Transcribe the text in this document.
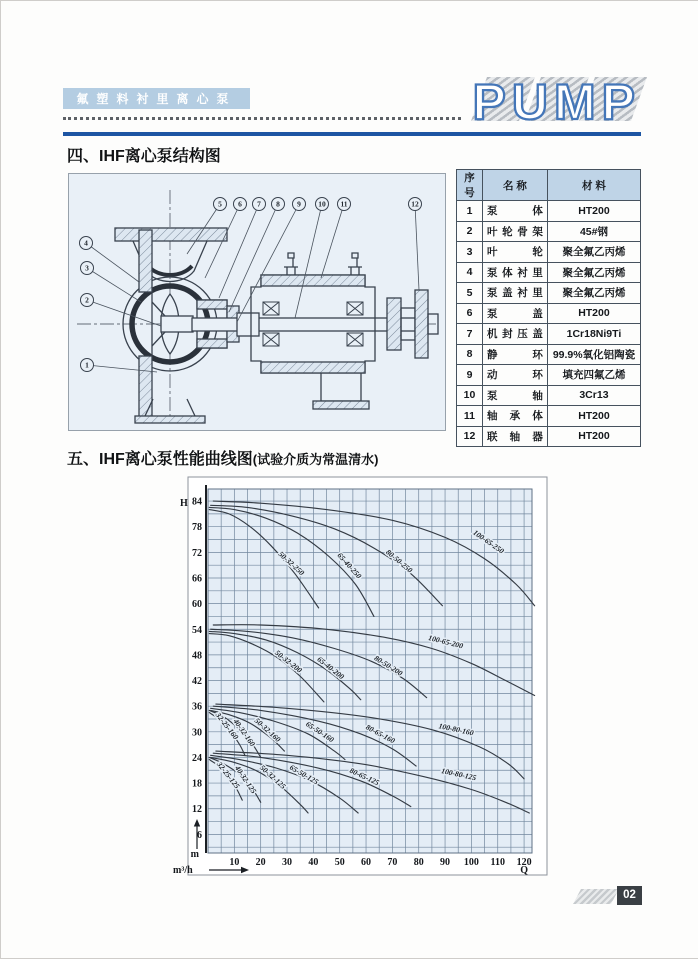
氟塑料衬里离心泵	PUMP
四、IHF离心泵结构图
1
2
3
4
5 6 7 8 9 10 11	12
序号	名 称	材 料
1	泵 体	HT200
2	叶轮骨架	45#钢
3	叶 轮	聚全氟乙丙烯
4	泵体衬里	聚全氟乙丙烯
5	泵盖衬里	聚全氟乙丙烯
6	泵 盖	HT200
7	机封压盖	1Cr18Ni9Ti
8	静 环	99.9%氧化铝陶瓷
9	动 环	填充四氟乙烯
10	泵 轴	3Cr13
11	轴 承 体	HT200
12	联 轴 器	HT200
五、IHF离心泵性能曲线图(试验介质为常温清水)
50-32-250	65-40-250	80-50-250
100-65-250
50-32-200 65-40-200	80-50-200
100-65-200
32-25-160
40-32-160
50-32-160	65-50-160	80-65-160	100-80-160
32-25-125
40-32-125 50-32-125 65-50-125	80-65-125	100-80-125
84
78
72
66
60
54
48
42
36
30
24
18
12
6
H
m
10 20 30 40 50 60 70 80 90 100 110 120
Q
m³/h
02
